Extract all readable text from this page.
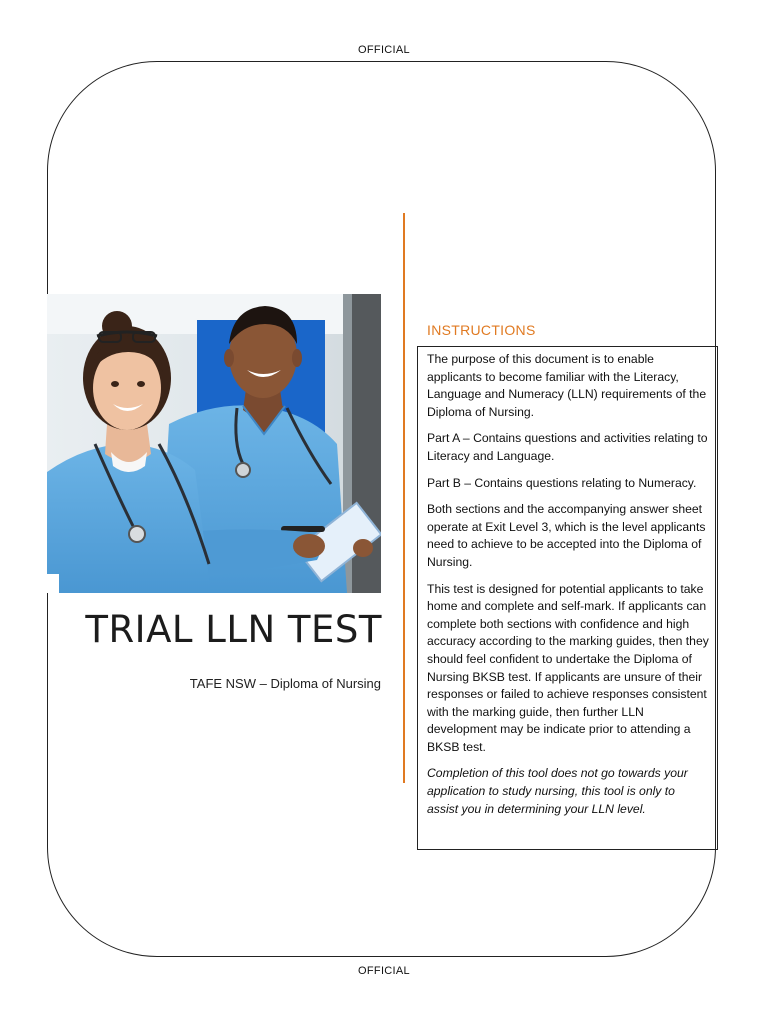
OFFICIAL
TRIAL LLN TEST
TAFE NSW – Diploma of Nursing
INSTRUCTIONS

The purpose of this document is to enable applicants to become familiar with the Literacy, Language and Numeracy (LLN) requirements of the Diploma of Nursing.

Part A – Contains questions and activities relating to Literacy and Language.

Part B – Contains questions relating to Numeracy.

Both sections and the accompanying answer sheet operate at Exit Level 3, which is the level applicants need to achieve to be accepted into the Diploma of Nursing.

This test is designed for potential applicants to take home and complete and self-mark. If applicants can complete both sections with confidence and high accuracy according to the marking guides, then they should feel confident to undertake the Diploma of Nursing BKSB test. If applicants are unsure of their responses or failed to achieve responses consistent with the marking guide, then further LLN development may be indicate prior to attending a BKSB test.

Completion of this tool does not go towards your application to study nursing, this tool is only to assist you in determining your LLN level.

OFFICIAL
